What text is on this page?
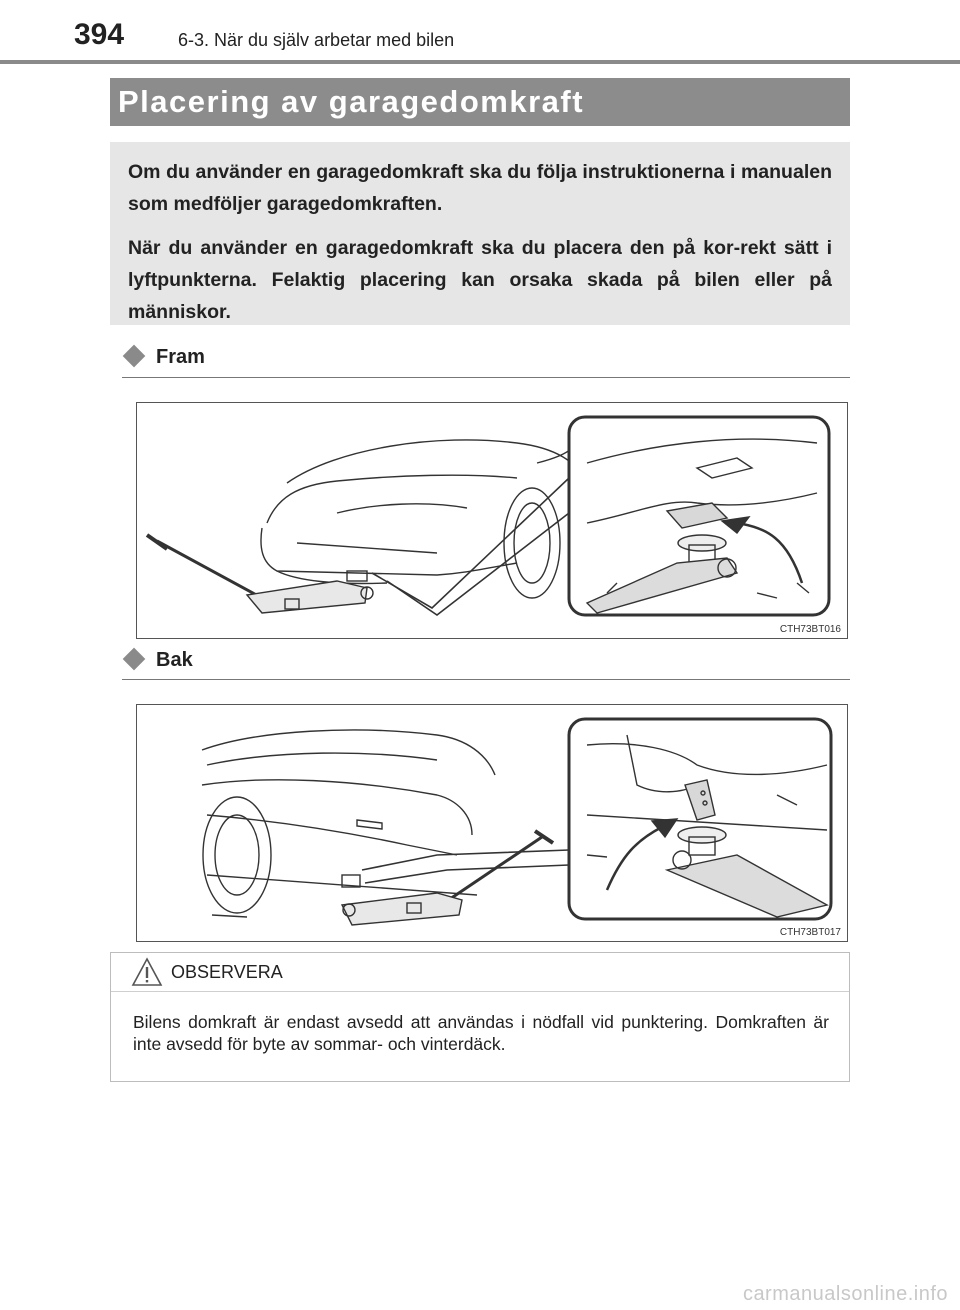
394	6-3. När du själv arbetar med bilen
Placering av garagedomkraft

Om du använder en garagedomkraft ska du följa instruktionerna i manualen som medföljer garagedomkraften.

När du använder en garagedomkraft ska du placera den på kor-rekt sätt i lyftpunkterna. Felaktig placering kan orsaka skada på bilen eller på människor.

Fram
CTH73BT016
Bak
CTH73BT017
OBSERVERA
Bilens domkraft är endast avsedd att användas i nödfall vid punktering. Domkraften är inte avsedd för byte av sommar- och vinterdäck.
carmanualsonline.info
